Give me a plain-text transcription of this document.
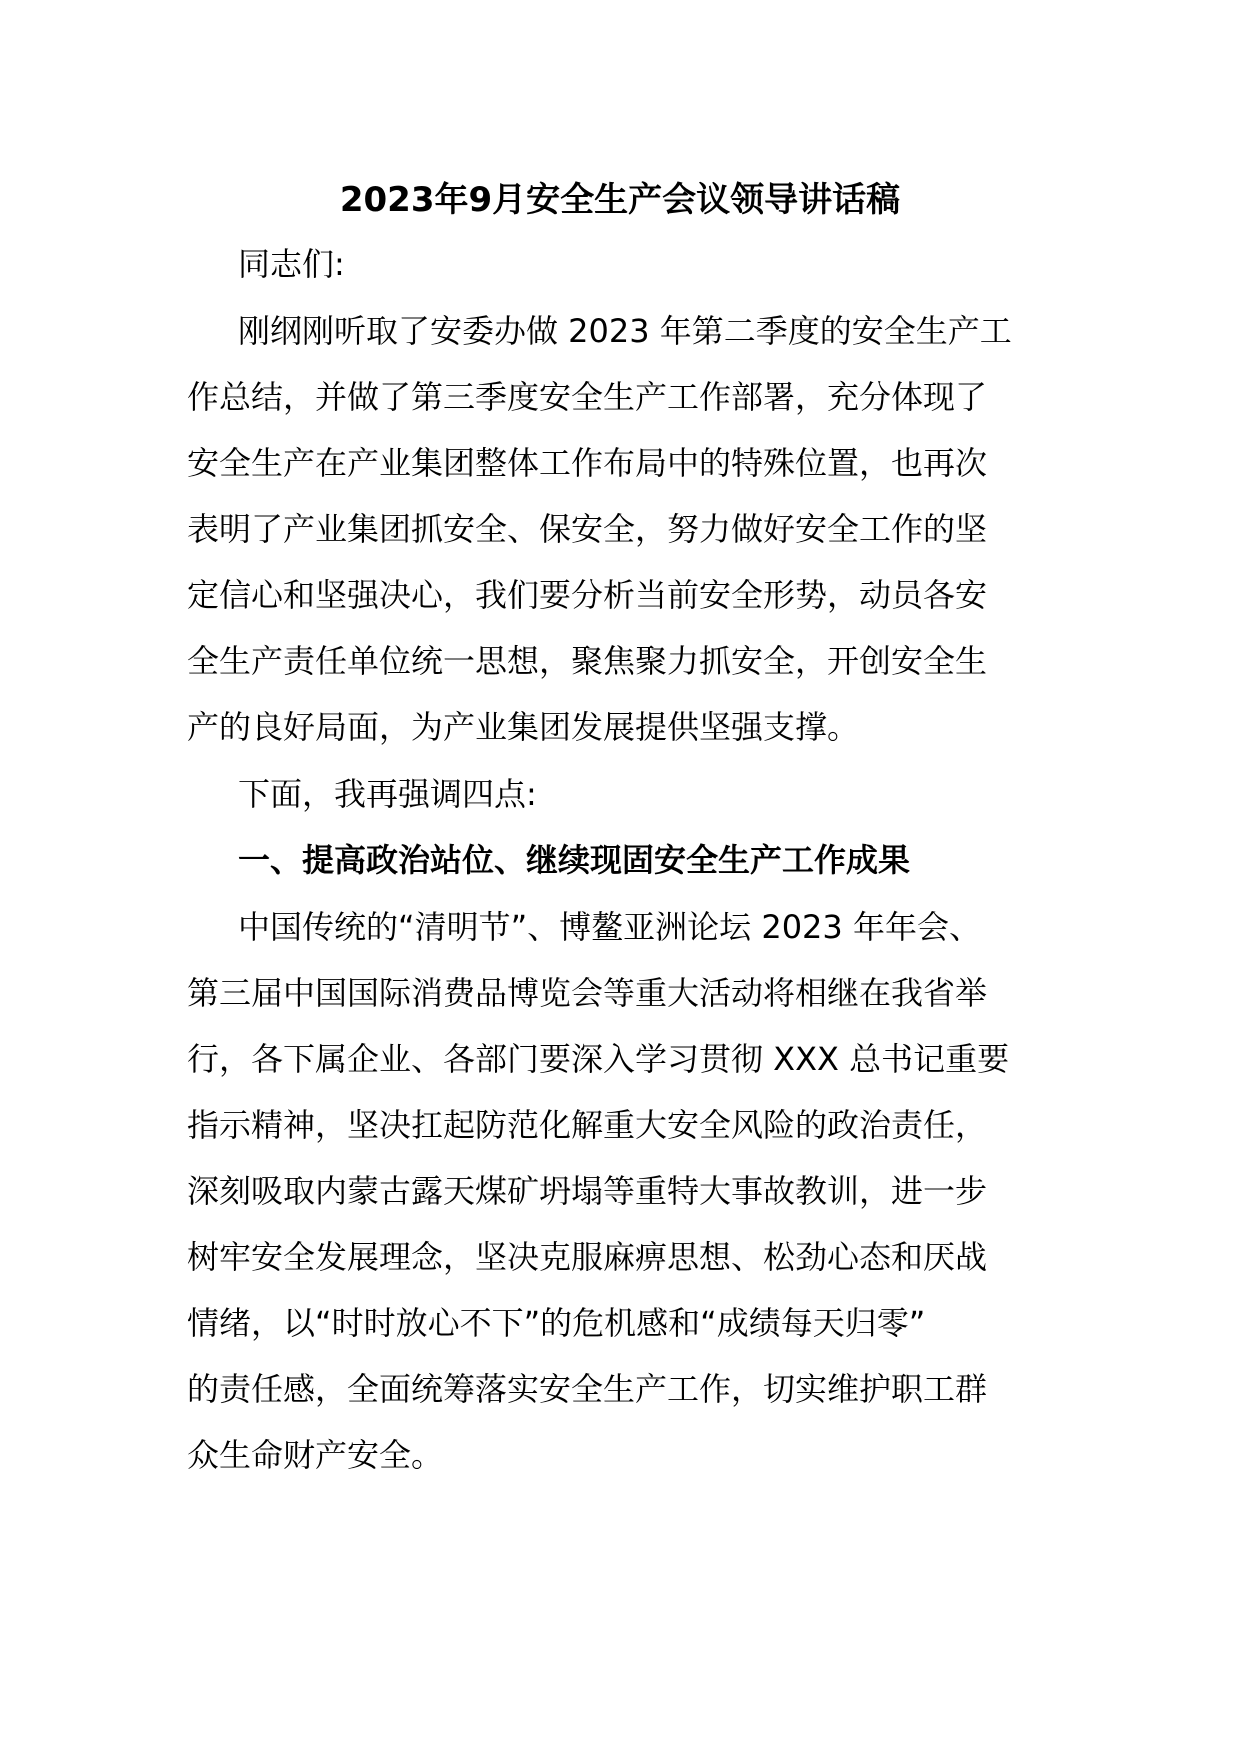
2023年9月安全生产会议领导讲话稿

同志们:

刚纲刚听取了安委办做 2023 年第二季度的安全生产工

作总结，并做了第三季度安全生产工作部署，充分体现了

安全生产在产业集团整体工作布局中的特殊位置，也再次

表明了产业集团抓安全、保安全，努力做好安全工作的坚

定信心和坚强决心，我们要分析当前安全形势，动员各安

全生产责任单位统一思想，聚焦聚力抓安全，开创安全生

产的良好局面，为产业集团发展提供坚强支撑。

下面，我再强调四点:

一、提高政治站位、继续现固安全生产工作成果

中国传统的“清明节”、博鳌亚洲论坛 2023 年年会、

第三届中国国际消费品博览会等重大活动将相继在我省举

行，各下属企业、各部门要深入学习贯彻 XXX 总书记重要

指示精神，坚决扛起防范化解重大安全风险的政治责任，

深刻吸取内蒙古露天煤矿坍塌等重特大事故教训，进一步

树牢安全发展理念，坚决克服麻痹思想、松劲心态和厌战

情绪，以“时时放心不下”的危机感和“成绩每天归零”

的责任感，全面统筹落实安全生产工作，切实维护职工群

众生命财产安全。
